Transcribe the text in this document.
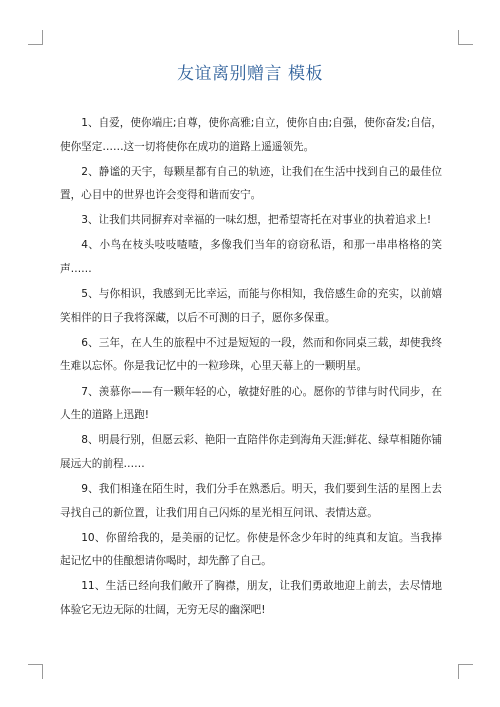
友谊离别赠言 模板

1、自爱，使你端庄;自尊，使你高雅;自立，使你自由;自强，使你奋发;自信，使你坚定……这一切将使你在成功的道路上遥遥领先。

2、静谧的天宇，每颗星都有自己的轨迹，让我们在生活中找到自己的最佳位置，心目中的世界也许会变得和谐而安宁。

3、让我们共同摒弃对幸福的一味幻想，把希望寄托在对事业的执着追求上!

4、小鸟在枝头吱吱喳喳，多像我们当年的窃窃私语，和那一串串格格的笑声……

5、与你相识，我感到无比幸运，而能与你相知，我倍感生命的充实，以前嬉笑相伴的日子我将深藏，以后不可测的日子，愿你多保重。

6、三年，在人生的旅程中不过是短短的一段，然而和你同桌三载，却使我终生难以忘怀。你是我记忆中的一粒珍珠，心里天幕上的一颗明星。

7、羡慕你——有一颗年轻的心，敏捷好胜的心。愿你的节律与时代同步，在人生的道路上迅跑!

8、明晨行别，但愿云彩、艳阳一直陪伴你走到海角天涯;鲜花、绿草相随你铺展远大的前程……

9、我们相逢在陌生时，我们分手在熟悉后。明天，我们要到生活的星图上去寻找自己的新位置，让我们用自己闪烁的星光相互问讯、表情达意。

10、你留给我的，是美丽的记忆。你使是怀念少年时的纯真和友谊。当我捧起记忆中的佳酿想请你喝时，却先醉了自己。

11、生活已经向我们敞开了胸襟，朋友，让我们勇敢地迎上前去，去尽情地体验它无边无际的壮阔，无穷无尽的幽深吧!
